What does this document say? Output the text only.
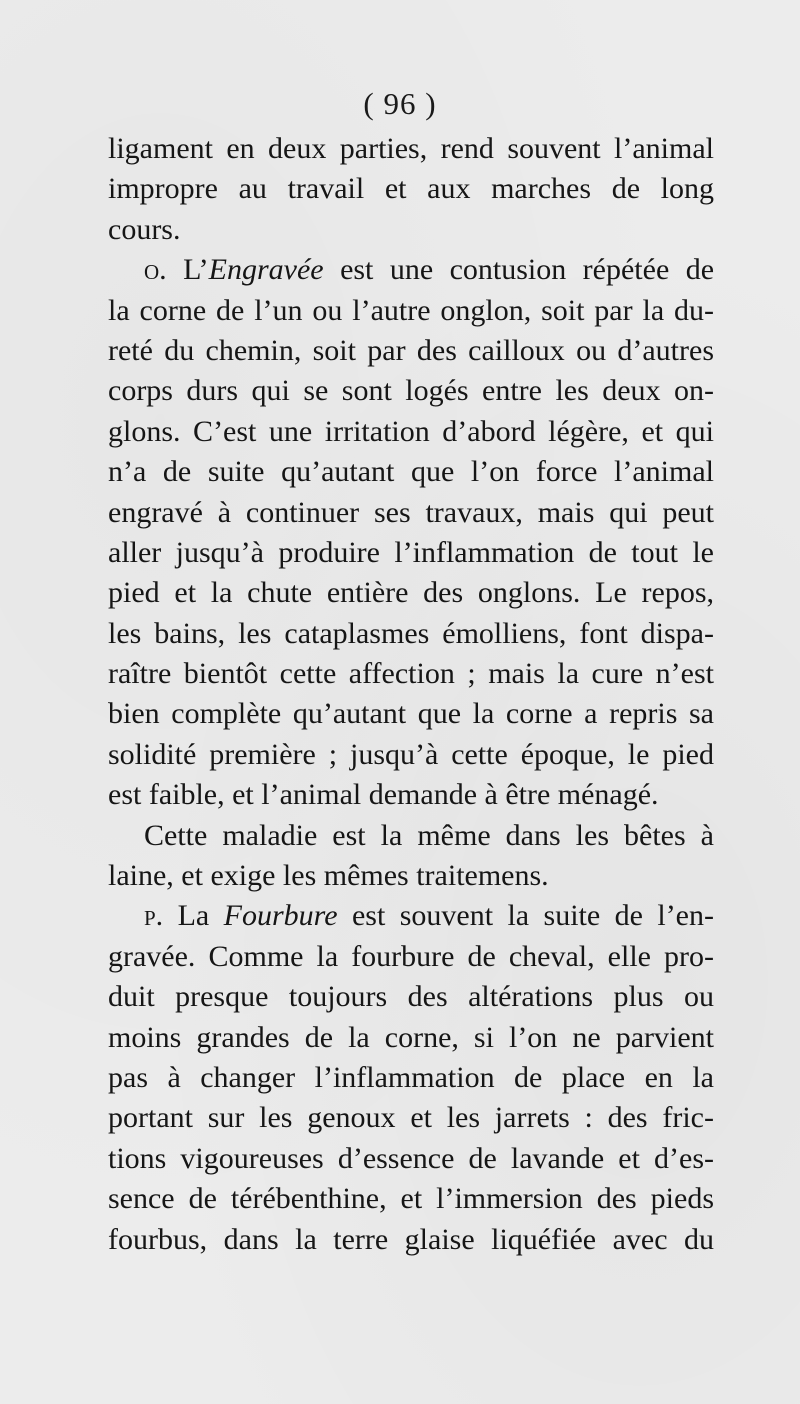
( 96 )
ligament en deux parties, rend souvent l’animal
impropre au travail et aux marches de long
cours.
o. L’Engravée est une contusion répétée de
la corne de l’un ou l’autre onglon, soit par la du-
reté du chemin, soit par des cailloux ou d’autres
corps durs qui se sont logés entre les deux on-
glons. C’est une irritation d’abord légère, et qui
n’a de suite qu’autant que l’on force l’animal
engravé à continuer ses travaux, mais qui peut
aller jusqu’à produire l’inflammation de tout le
pied et la chute entière des onglons. Le repos,
les bains, les cataplasmes émolliens, font dispa-
raître bientôt cette affection ; mais la cure n’est
bien complète qu’autant que la corne a repris sa
solidité première ; jusqu’à cette époque, le pied
est faible, et l’animal demande à être ménagé.
Cette maladie est la même dans les bêtes à
laine, et exige les mêmes traitemens.
p. La Fourbure est souvent la suite de l’en-
gravée. Comme la fourbure de cheval, elle pro-
duit presque toujours des altérations plus ou
moins grandes de la corne, si l’on ne parvient
pas à changer l’inflammation de place en la
portant sur les genoux et les jarrets : des fric-
tions vigoureuses d’essence de lavande et d’es-
sence de térébenthine, et l’immersion des pieds
fourbus, dans la terre glaise liquéfiée avec du
